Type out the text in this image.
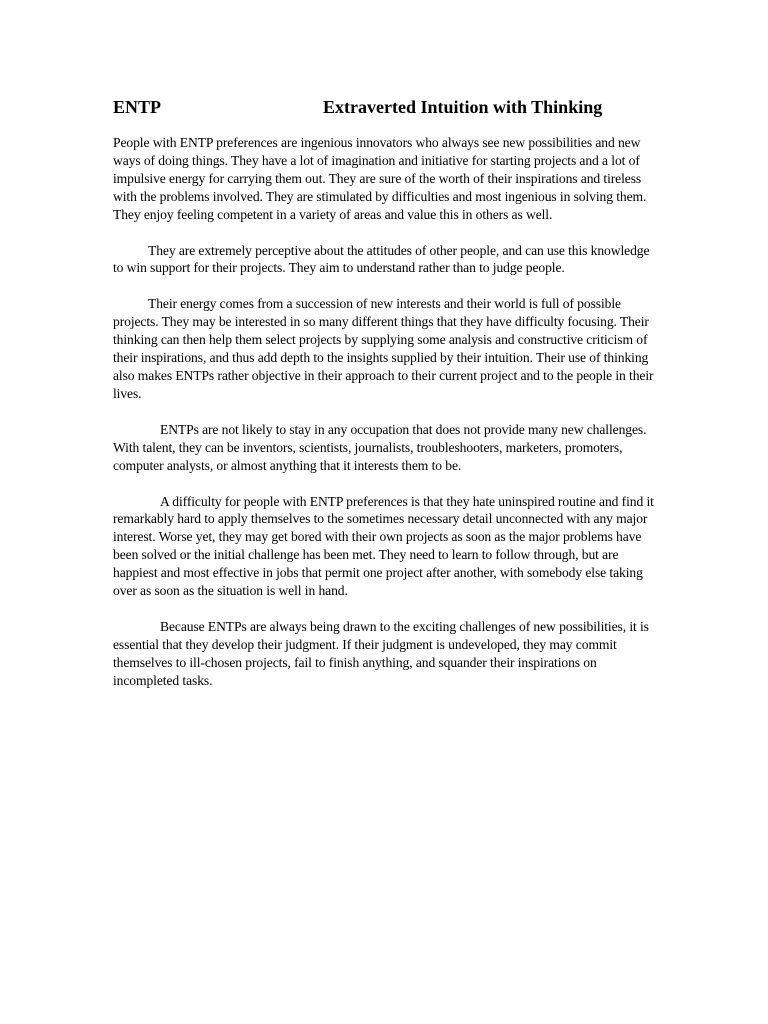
ENTP	Extraverted Intuition with Thinking

People with ENTP preferences are ingenious innovators who always see new possibilities and new ways of doing things. They have a lot of imagination and initiative for starting projects and a lot of impulsive energy for carrying them out. They are sure of the worth of their inspirations and tireless with the problems involved. They are stimulated by difficulties and most ingenious in solving them. They enjoy feeling competent in a variety of areas and value this in others as well.

They are extremely perceptive about the attitudes of other people, and can use this knowledge to win support for their projects. They aim to understand rather than to judge people.

Their energy comes from a succession of new interests and their world is full of possible projects. They may be interested in so many different things that they have difficulty focusing. Their thinking can then help them select projects by supplying some analysis and constructive criticism of their inspirations, and thus add depth to the insights supplied by their intuition. Their use of thinking also makes ENTPs rather objective in their approach to their current project and to the people in their lives.

ENTPs are not likely to stay in any occupation that does not provide many new challenges. With talent, they can be inventors, scientists, journalists, troubleshooters, marketers, promoters, computer analysts, or almost anything that it interests them to be.

A difficulty for people with ENTP preferences is that they hate uninspired routine and find it remarkably hard to apply themselves to the sometimes necessary detail unconnected with any major interest. Worse yet, they may get bored with their own projects as soon as the major problems have been solved or the initial challenge has been met. They need to learn to follow through, but are happiest and most effective in jobs that permit one project after another, with somebody else taking over as soon as the situation is well in hand.

Because ENTPs are always being drawn to the exciting challenges of new possibilities, it is essential that they develop their judgment. If their judgment is undeveloped, they may commit themselves to ill-chosen projects, fail to finish anything, and squander their inspirations on incompleted tasks.
